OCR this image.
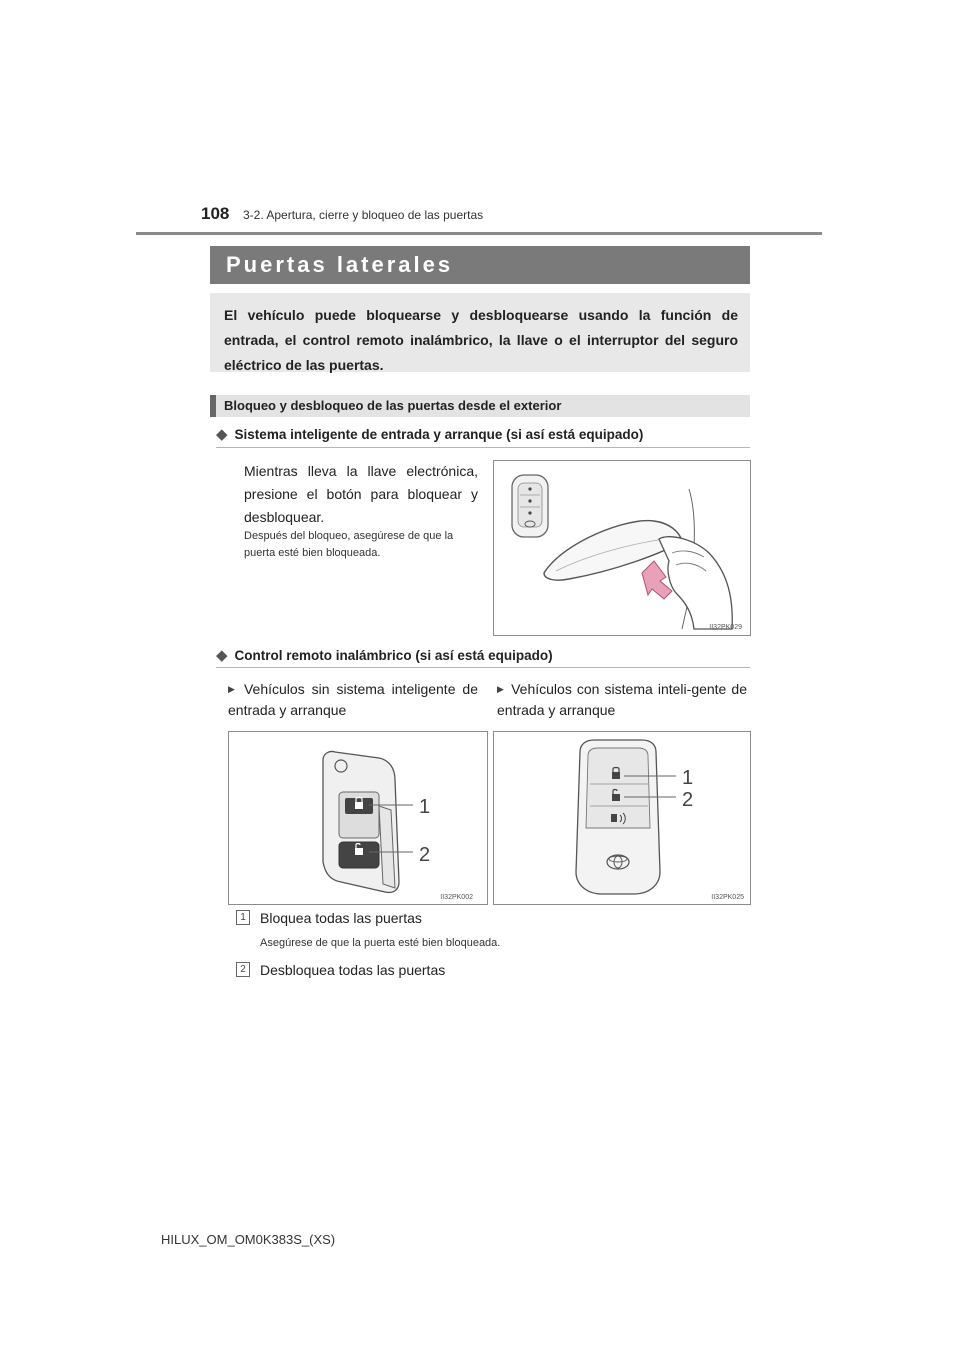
108 3-2. Apertura, cierre y bloqueo de las puertas
Puertas laterales
El vehículo puede bloquearse y desbloquearse usando la función de entrada, el control remoto inalámbrico, la llave o el interruptor del seguro eléctrico de las puertas.
Bloqueo y desbloqueo de las puertas desde el exterior
◆ Sistema inteligente de entrada y arranque (si así está equipado)
Mientras lleva la llave electrónica, presione el botón para bloquear y desbloquear.
Después del bloqueo, asegúrese de que la puerta esté bien bloqueada.
II32PK029
◆ Control remoto inalámbrico (si así está equipado)
▶ Vehículos sin sistema inteligente de entrada y arranque
▶ Vehículos con sistema inteli-gente de entrada y arranque
1
2
II32PK002
1
2
II32PK025
1	Bloquea todas las puertas
Asegúrese de que la puerta esté bien bloqueada.
2	Desbloquea todas las puertas
HILUX_OM_OM0K383S_(XS)
